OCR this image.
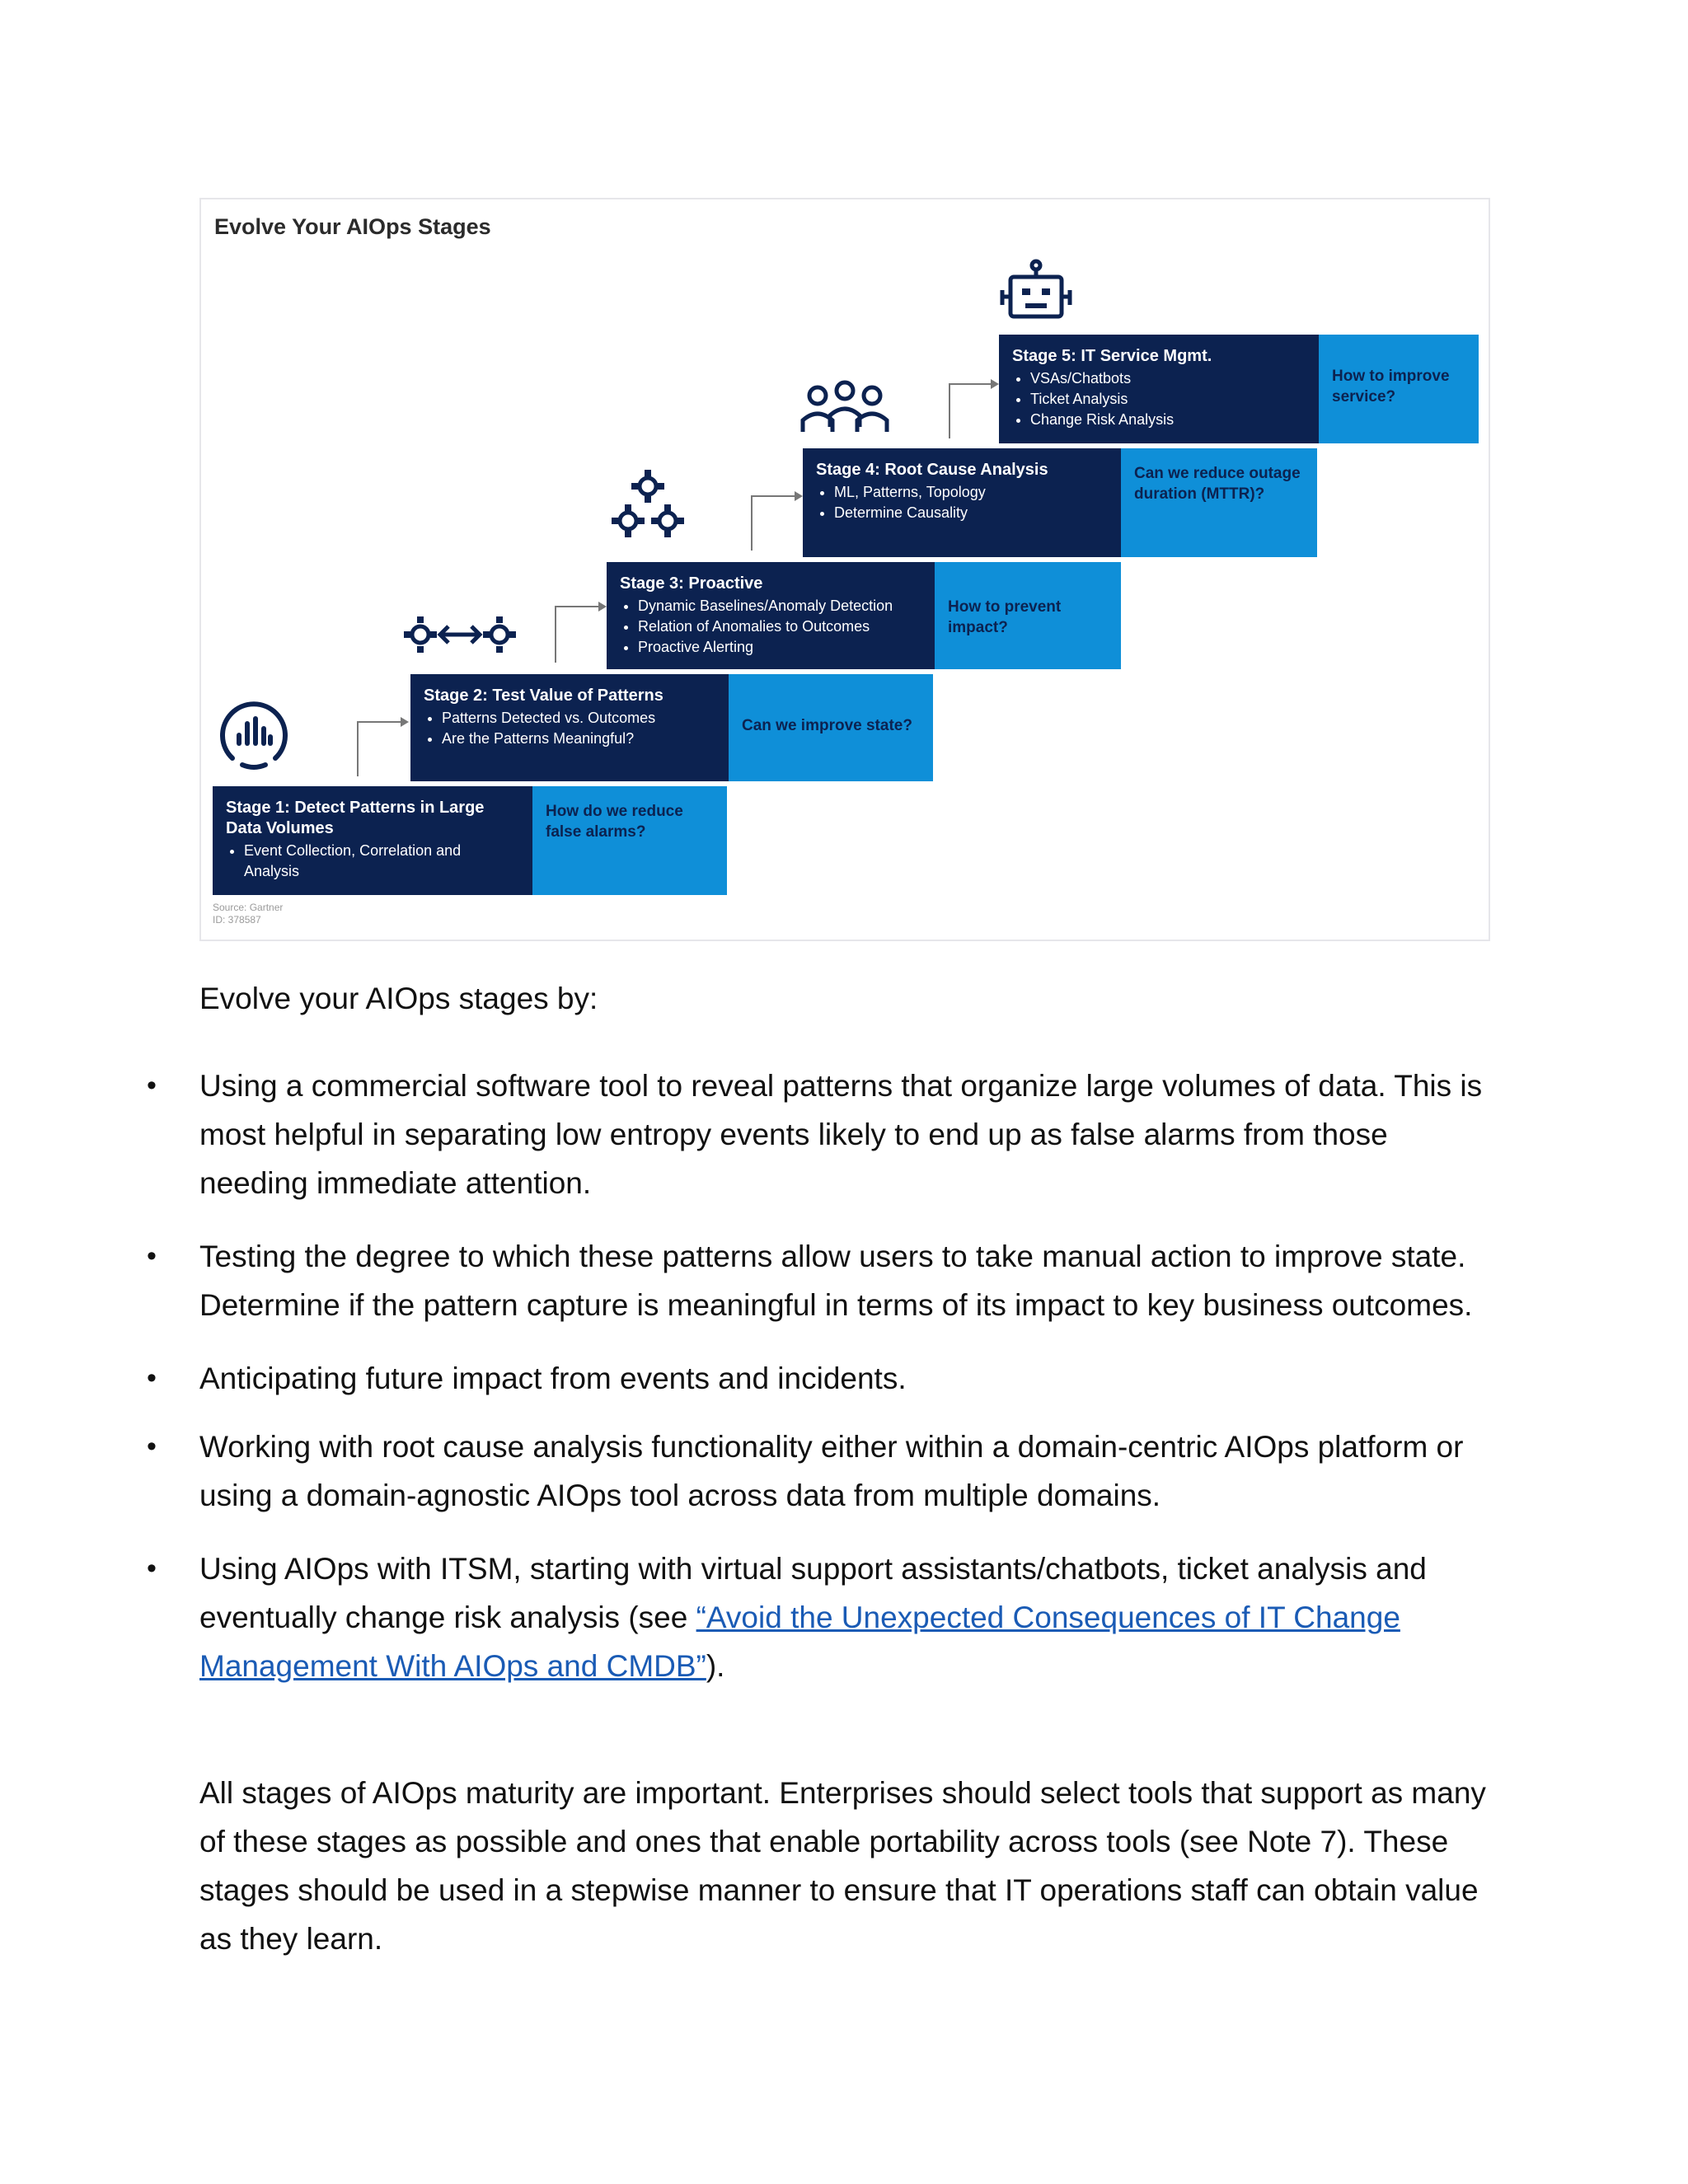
Evolve Your AIOps Stages
Stage 1: Detect Patterns in Large Data Volumes
• Event Collection, Correlation and Analysis
How do we reduce false alarms?
Stage 2: Test Value of Patterns
• Patterns Detected vs. Outcomes
• Are the Patterns Meaningful?
Can we improve state?
Stage 3: Proactive
• Dynamic Baselines/Anomaly Detection
• Relation of Anomalies to Outcomes
• Proactive Alerting
How to prevent impact?
Stage 4: Root Cause Analysis
• ML, Patterns, Topology
• Determine Causality
Can we reduce outage duration (MTTR)?
Stage 5: IT Service Mgmt.
• VSAs/Chatbots
• Ticket Analysis
• Change Risk Analysis
How to improve service?
Source: Gartner
ID: 378587
Evolve your AIOps stages by:
• Using a commercial software tool to reveal patterns that organize large volumes of data. This is most helpful in separating low entropy events likely to end up as false alarms from those needing immediate attention.
• Testing the degree to which these patterns allow users to take manual action to improve state. Determine if the pattern capture is meaningful in terms of its impact to key business outcomes.
• Anticipating future impact from events and incidents.
• Working with root cause analysis functionality either within a domain-centric AIOps platform or using a domain-agnostic AIOps tool across data from multiple domains.
• Using AIOps with ITSM, starting with virtual support assistants/chatbots, ticket analysis and eventually change risk analysis (see “Avoid the Unexpected Consequences of IT Change Management With AIOps and CMDB”).

All stages of AIOps maturity are important. Enterprises should select tools that support as many of these stages as possible and ones that enable portability across tools (see Note 7). These stages should be used in a stepwise manner to ensure that IT operations staff can obtain value as they learn.
